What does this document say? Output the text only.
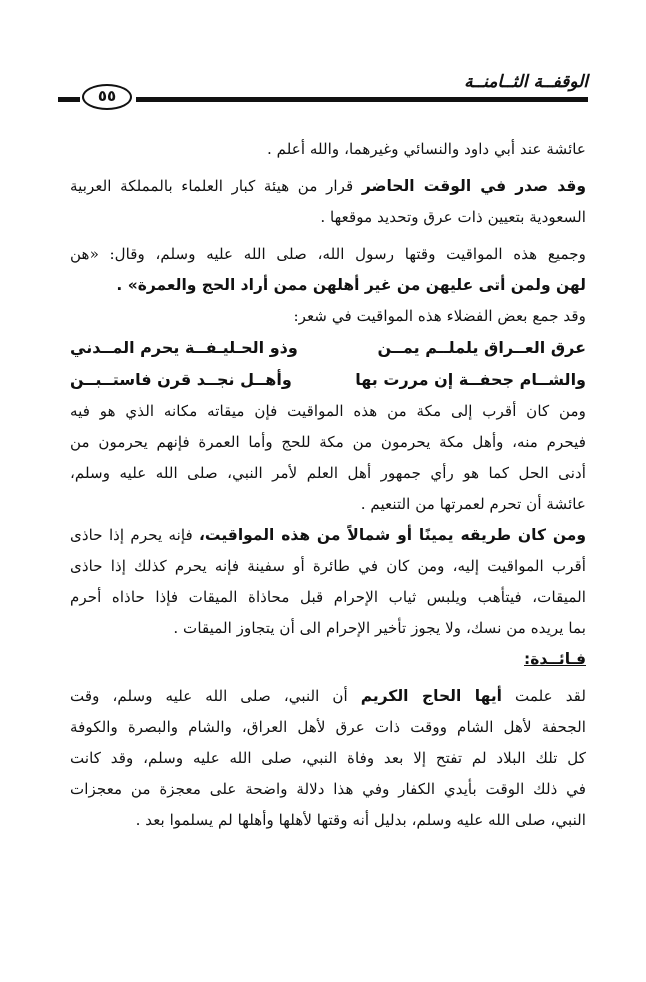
الوقفــة الثــامنــة
٥٥
عائشة عند أبي داود والنسائي وغيرهما، والله أعلم .
وقد صدر في الوقت الحاضر قرار من هيئة كبار العلماء بالمملكة العربية
السعودية بتعيين ذات عرق وتحديد موقعها .
وجميع هذه المواقيت وقتها رسول الله، صلى الله عليه وسلم، وقال: «هن
لهن ولمن أتى عليهن من غير أهلهن ممن أراد الحج والعمرة» .
وقد جمع بعض الفضلاء هذه المواقيت في شعر:
عرق العــراق يلملــم يمــن
وذو الحـليـفــة يحرم المــدني
والشــام جحفــة إن مررت بها
وأهــل نجــد قرن فاستــبــن
ومن كان أقرب إلى مكة من هذه المواقيت فإن ميقاته مكانه الذي هو فيه
فيحرم منه، وأهل مكة يحرمون من مكة للحج وأما العمرة فإنهم يحرمون من
أدنى الحل كما هو رأي جمهور أهل العلم لأمر النبي، صلى الله عليه وسلم،
عائشة أن تحرم لعمرتها من التنعيم .
ومن كان طريقه يمينًا أو شمالاً من هذه المواقيت، فإنه يحرم إذا حاذى
أقرب المواقيت إليه، ومن كان في طائرة أو سفينة فإنه يحرم كذلك إذا حاذى
الميقات، فيتأهب ويلبس ثياب الإحرام قبل محاذاة الميقات فإذا حاذاه أحرم
بما يريده من نسك، ولا يجوز تأخير الإحرام الى أن يتجاوز الميقات .
فـائــدة:
لقد علمت أيها الحاج الكريم أن النبي، صلى الله عليه وسلم، وقت
الجحفة لأهل الشام ووقت ذات عرق لأهل العراق، والشام والبصرة والكوفة
كل تلك البلاد لم تفتح إلا بعد وفاة النبي، صلى الله عليه وسلم، وقد كانت
في ذلك الوقت بأيدي الكفار وفي هذا دلالة واضحة على معجزة من معجزات
النبي، صلى الله عليه وسلم، بدليل أنه وقتها لأهلها وأهلها لم يسلموا بعد .
